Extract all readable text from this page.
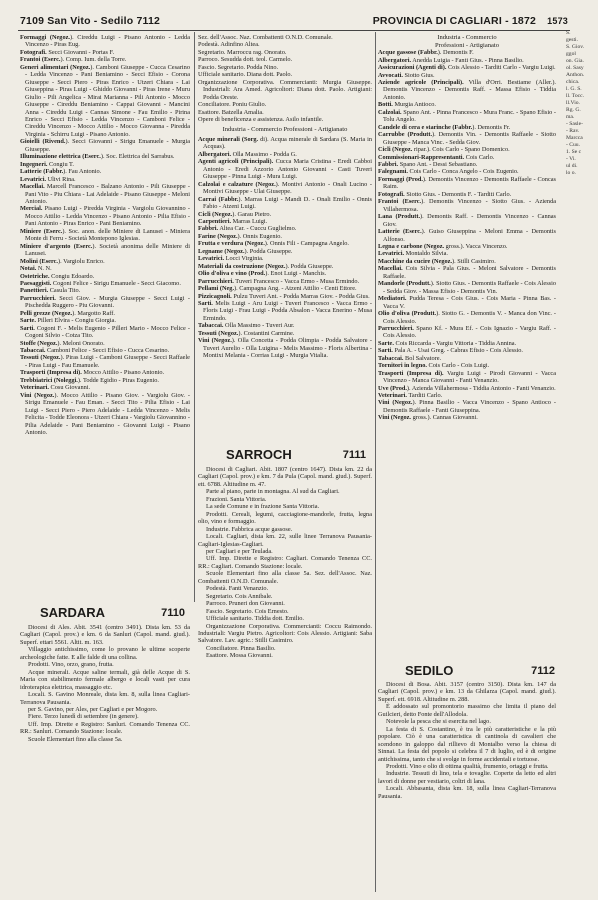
7109 San Vito - Sedilo 7112	PROVINCIA DI CAGLIARI - 1872 1573

Formaggi (Negoz.). Cireddu Luigi - Pisano Antonio - Ledda Vincenzo - Piras Eug.

Fotografi. Secci Giovanni - Portas F.

Frantoi (Eserc.). Comp. Ium. della Torre.

Generi alimentari (Negoz.). Camboni Giuseppe - Cucca Cesarino - Ledda Vincenzo - Pani Beniamino - Secci Efisio - Corona Giuseppe - Secci Piero - Piras Enrico - Utzeri Chiara - Lai Giuseppina - Piras Luigi - Ghiddo Giovanni - Piras Irene - Muru Giulio - Pili Angelica - Mirai Marianna - Pili Antonio - Mocco Giuseppe - Cireddu Beniamino - Cappai Giovanni - Mancini Anna - Cireddu Luigi - Cannas Simone - Fau Emilio - Pirina Enrico - Secci Efisio - Ledda Vincenzo - Camboni Felice - Cireddu Vincenzo - Mocco Attilio - Mocco Giovanna - Piredda Virginia - Schirru Luigi - Pisano Antonio.

Gioielli (Rivend.). Secci Giovanni - Sirigu Emanuele - Murgia Giuseppe.

Illuminazione elettrica (Eserc.). Soc. Elettrica del Sarrabus.

Ingegneri. Congiu T.

Latterie (Fabbr.). Fau Antonio.

Levatrici. Ulivi Rina.

Macellai. Marcell Francesco - Balzano Antonio - Pili Giuseppe - Pani Vito - Piu Chiara - Lai Adelaide - Pisano Giuseppe - Meloni Antonio.

Mercial. Pisano Luigi - Piredda Virginia - Vargiolu Giovannino - Mocco Attilio - Ledda Vincenzo - Pisano Antonio - Pilia Efisio - Pani Antonio - Piras Enrico - Pani Beniamino.

Miniere (Eserc.). Soc. anon. delle Miniere di Lanusei - Miniera Monte di Ferru - Società Montepono Iglesias.

Miniere d'argento (Eserc.). Società anonima delle Miniere di Lanusei.

Molini (Eserc.). Vargiolu Enrico.

Notai. N. N.

Ostetriche. Congiu Edoardo.

Paesaggisti. Cogoni Felice - Sirigu Emanuele - Secci Giacomo.

Panettieri. Casula Tito.

Parrucchieri. Secci Giov. - Murgia Giuseppe - Secci Luigi - Pischedda Ruggero - Piu Giovanni.

Pelli grezze (Negoz.). Margotto Raff.

Sarte. Pilleri Elvira - Congiu Giorgia.

Sarti. Cogoni F. - Melis Eugenio - Pilleri Mario - Mocco Felice - Cogoni Silvio - Cotza Tito.

Stoffe (Negoz.). Meloni Onorato.

Tabaccai. Camboni Felice - Secci Efisio - Cucca Cesarino.

Tessuti (Negoz.). Piras Luigi - Camboni Giuseppe - Secci Raffaele - Piras Luigi - Fau Emanuele.

Trasporti (Impresa di). Mocco Attilio - Pisano Antonio.

Trebbiatrici (Noleggi.). Todde Egidio - Piras Eugenio.

Veterinari. Cosu Giovanni.

Vini (Negoz.). Mocco Attilio - Pisano Giov. - Vargiolu Giov. - Sirigu Emanuele - Fau Eman. - Secci Tito - Pilia Efisio - Lai Luigi - Secci Piero - Piero Adelaide - Ledda Vincenzo - Melis Felicita - Todde Eleonora - Utzeri Chiara - Vargiolu Giovannino - Pilia Adelaide - Pani Beniamino - Giovanni Luigi - Pisano Antonio.

SARDARA	7110

Diocesi di Ales. Abit. 3541 (centro 3491). Dista km. 53 da Cagliari (Capol. prov.) e km. 6 da Sanluri (Capol. mand. giud.). Superf. ettari 5561. Altit. m. 163.

Villaggio antichissimo, come lo provano le ultime scoperte archeologiche fatte. E alle falde di una collina.

Prodotti. Vino, orzo, grano, frutta.

Acque minerali. Acque saline termali, già delle Acque di S. Maria con stabilimento fermale albergo e locali vasti per cura idroterapica elettrica, massaggio etc.

Locali. S. Gavino Monreale, dista km. 8, sulla linea Cagliari-Terranova Pausania.

per S. Gavino, per Ales, per Cagliari e per Mogoro.

Fiere. Terzo lunedì di settembre (in genere).

Uff. Imp. Dirette e Registro: Sanluri. Comando Tenenza CC. RR.: Sanluri. Comando Stazione: locale.

Scuole Elementari fino alla classe 5a.

Sez. dell'Assoc. Naz. Combattenti O.N.D. Comunale.

Podestà. Adinfino Altea.

Segretario. Marroccu rag. Onorato.

Parroco. Sesudda dott. teol. Carmelo.

Fascio. Segretario. Podda Nino.

Ufficiale sanitario. Diana dott. Paolo.

Organizzazione Corporativa. Commercianti: Murgia Giuseppe. Industriali: Ara Amed. Agricoltori: Diana dott. Paolo. Artigiani: Podda Oreste.

Conciliatore. Poniu Giulio.

Esattore. Batzella Amalia.

Opere di beneficenza e assistenza. Asilo infantile.

Industria - Commercio Professioni - Artigianato

Acque minerali (Sorg. di). Acqua minerale di Sardara (S. Maria in Acquas).

Albergatori. Olla Massimo - Podda G.

Agenti agricoli (Principali). Cucca Maria Cristina - Eredi Cabboi Antonio - Eredi Azzorio Antonio Giovanni - Casti Tuveri Giuseppe - Pinna Luigi - Mura Luigi.

Calzolai e calzature (Negoz.). Montivi Antonio - Onali Lucino - Montivi Giuseppe - Ulai Giuseppe.

Carrai (Fabbr.). Marras Luigi - Mandi D. - Onali Emilio - Onnis Fabio - Atzeni Luigi.

Cicli (Negoz.). Garau Pietro.

Carpentieri. Marras Luigi.

Fabbri. Altea Car. - Cuccu Guglielmo.

Farine (Negoz.). Onnis Eugenio.

Frutta e verdura (Negoz.). Onnis Fili - Campagna Angelo.

Legname (Negoz.). Podda Giuseppe.

Levatrici. Locci Virginia.

Materiali da costruzione (Negoz.). Podda Giuseppe.

Olio d'oliva e vino (Prod.). Enot Luigi - Manchis.

Parrucchieri. Tuveri Francesco - Vacca Ermo - Musa Ermindo.

Pellami (Neg.). Campagna Ang. - Atzeni Attilio - Centi Ettore.

Pizzicagnoli. Pulzu Tuveri Ant. - Podda Marras Giov. - Podda Gius.

Sarti. Melis Luigi - Aru Luigi - Tuveri Francesco - Vacca Ermo - Floris Luigi - Frau Luigi - Podda Absalon - Vacca Enerino - Musa Ermindo.

Tabaccai. Olla Massimo - Tuveri Aur.

Tessuti (Negoz.). Costantini Carmine.

Vini (Negoz.). Olla Concetta - Podda Olimpia - Podda Salvatore - Tuveri Aurelio - Olla Luigina - Melis Massimo - Floris Albertina - Montixi Melania - Corrias Luigi - Murgia Vitalia.

SARROCH	7111

Diocesi di Cagliari. Abit. 1807 (centro 1647). Dista km. 22 da Cagliari (Capol. prov.) e km. 7 da Pula (Capol. mand. giud.). Superf. ett. 6788. Altitudine m. 47.

Parte al piano, parte in montagna. Al sud da Cagliari.

Frazioni. Santa Vittoria.

La sede Comune e in frazione Santa Vittoria.

Prodotti. Cereali, legumi, cacciagione-mandorle, frutta, legna olio, vino e formaggio.

Industrie. Fabbrica acque gassose.

Locali. Cagliari, dista km. 22, sulle linee Terranova Pausania-Cagliari-Iglesias-Cagliari.

per Cagliari e per Teulada.

Uff. Imp. Dirette e Registro: Cagliari. Comando Tenenza CC. RR.: Cagliari. Comando Stazione: locale.

Scuole Elementari fino alla classe 5a. Sez. dell'Assoc. Naz. Combattenti O.N.D. Comunale.

Podestà. Fanti Venanzio.

Segretario. Cois Annibale.

Parroco. Pruneri don Giovanni.

Fascio. Segretario. Cois Ernesto.

Ufficiale sanitario. Tiddia dott. Emilio.

Organizzazione Corporativa. Commercianti: Coccu Raimondo. Industriali: Vargiu Pietro. Agricoltori: Cois Alessio. Artigiani: Saba Salvatore. Lav. agric.: Stilli Casimiro.

Conciliatore. Pinna Basilio.

Esattore. Mossa Giovanni.

Industria - Commercio
Professioni - Artigianato

Acque gassose (Fabbr.). Demontis F.

Albergatori. Anedda Luigia - Fanti Gius. - Pinna Basilio.

Assicurazioni (Agenti di). Cois Alessio - Tarditi Carlo - Vargiu Luigi.

Avvocati. Siotto Gius.

Aziende agricole (Principali). Villa d'Orri. Bestiame (Aller.). Demontis Vincenzo - Demontis Raff. - Massa Efisio - Tiddia Antonio.

Botti. Murgia Antioco.

Calzolai. Spano Ant. - Pinna Francesco - Mura Franc. - Spano Efisio - Tolu Angelo.

Candele di cera e starinche (Fabbr.). Demontis Fr.

Carrubbe (Produtt.). Demontis Vin. - Demontis Raffaele - Siotto Giuseppe - Manca Vinc. - Sedda Giov.

Cicli (Negoz. ripar.). Cois Carlo - Spano Domenico.

Commissionari-Rappresentanti. Cois Carlo.

Fabbri. Spano Ant. - Dessi Sebastiano.

Falegnami. Cois Carlo - Conca Angelo - Cois Eugenio.

Formaggi (Prod.). Demontis Vincenzo - Demontis Raffaele - Concas Raim.

Fotografi. Siotto Gius. - Demontis F. - Tarditi Carlo.

Frantoi (Eserc.). Demontis Vincenzo - Siotto Gius. - Azienda Villahermosa.

Lana (Produtt.). Demontis Raff. - Demontis Vincenzo - Cannas Giov.

Latterie (Eserc.). Guiso Giuseppina - Meloni Emma - Demontis Alfonso.

Legna e carbone (Negoz. gross.). Vacca Vincenzo.

Levatrici. Montaldo Silvia.

Macchine da cucire (Negoz.). Stilli Casimiro.

Macellai. Cois Silvia - Pala Gius. - Meloni Salvatore - Demontis Raffaele.

Mandorle (Produtt.). Siotto Gius. - Demontis Raffaele - Cois Alessio - Sedda Giov. - Massa Efisio - Demontis Vin.

Mediatori. Pudda Teresa - Cois Gius. - Cois Maria - Pinna Bas. - Vacca V.

Olio d'oliva (Produtt.). Siotto G. - Demontis V. - Manca don Vinc. - Cois Alessio.

Parrucchieri. Spano Kf. - Mura Ef. - Cois Ignazio - Vargiu Raff. - Cois Alessio.

Sarte. Cois Riccarda - Vargiu Vittoria - Tiddia Annina.

Sarti. Pala A. - Usai Greg. - Cabras Efisio - Cois Alessio.

Tabaccai. Bol Salvatore.

Tornitori in legno. Cois Carlo - Cois Luigi.

Trasporti (Impresa di). Vargiu Luigi - Pirodi Giovanni - Vacca Vincenzo - Manca Giovanni - Fanti Venanzio.

Uve (Prod.). Azienda Villahermosa - Tiddia Antonio - Fanti Venanzio.

Veterinari. Tarditi Carlo.

Vini (Negoz.). Pinna Basilio - Vacca Vincenzo - Spano Antioco - Demontis Raffaele - Fanti Giuseppina.

Vini (Negoz. gross.). Cannas Giovanni.

SEDILO	7112

Diocesi di Bosa. Abit. 3157 (centro 3150). Dista km. 147 da Cagliari (Capol. prov.) e km. 13 da Ghilarza (Capol. mand. giud.). Superf. ett. 6918. Altitudine m. 288.

È addossato sul promontorio massimo che limita il piano del Guilcieri, detto Fonte dell'Allodola.

Notevole la pesca che si esercita nel lago.

La festa di S. Costantino, è tra le più caratteristiche e la più popolare. Ciò è una caratteristica di cantinola di cavalieri che scendono in galoppo dal rillievo di Montalbo verso la chiesa di Sinnai. La festa del popolo si celebra il 7 di luglio, ed è di origine antichissima, tanto che si svolge in forme accidentali e tortuose.

Prodotti. Vino e olio di ottima qualità, frumento, ortaggi e frutta.

Industrie. Tessuti di lino, tela e tovaglie. Coperte da letto ed altri lavori di donne per vestiario, coltri di lana.

Locali. Abbasanta, dista km. 18, sulla linea Cagliari-Terranova Pausania.

S.
gesti.
S. Giov.
ggol
on. Gia.
ol. Sasy
Anthon.
chica.
l. G. S.
ll. Tocc.
ll.Vio.
Rg. G.
ma.
- Sasle-
- Rav.
Marcca
- Cuu.
1. Se c
- Vi.
ul di.
lo o.
